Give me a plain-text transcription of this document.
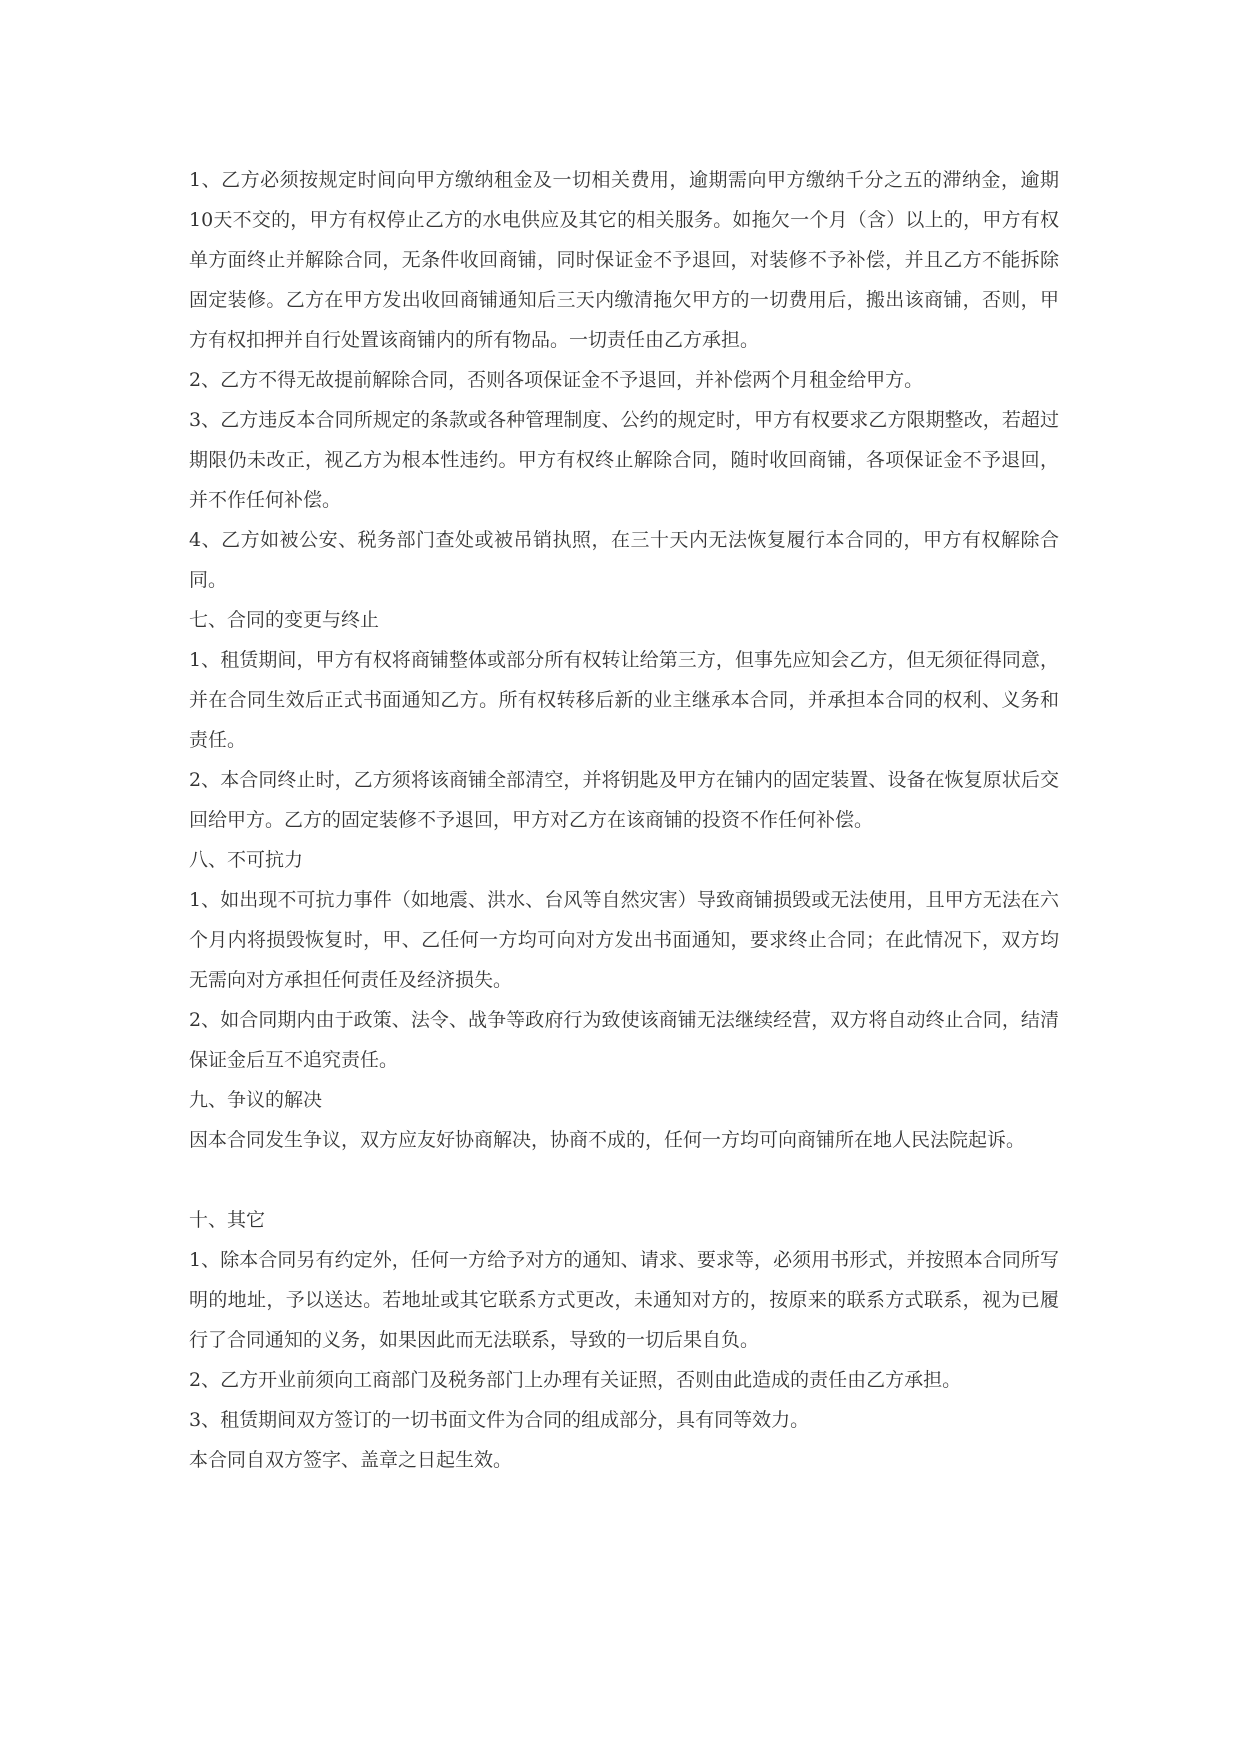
1、乙方必须按规定时间向甲方缴纳租金及一切相关费用，逾期需向甲方缴纳千分之五的滞纳金，逾期10天不交的，甲方有权停止乙方的水电供应及其它的相关服务。如拖欠一个月（含）以上的，甲方有权单方面终止并解除合同，无条件收回商铺，同时保证金不予退回，对装修不予补偿，并且乙方不能拆除固定装修。乙方在甲方发出收回商铺通知后三天内缴清拖欠甲方的一切费用后，搬出该商铺，否则，甲方有权扣押并自行处置该商铺内的所有物品。一切责任由乙方承担。

2、乙方不得无故提前解除合同，否则各项保证金不予退回，并补偿两个月租金给甲方。

3、乙方违反本合同所规定的条款或各种管理制度、公约的规定时，甲方有权要求乙方限期整改，若超过期限仍未改正，视乙方为根本性违约。甲方有权终止解除合同，随时收回商铺，各项保证金不予退回，并不作任何补偿。

4、乙方如被公安、税务部门查处或被吊销执照，在三十天内无法恢复履行本合同的，甲方有权解除合同。

七、合同的变更与终止

1、租赁期间，甲方有权将商铺整体或部分所有权转让给第三方，但事先应知会乙方，但无须征得同意，并在合同生效后正式书面通知乙方。所有权转移后新的业主继承本合同，并承担本合同的权利、义务和责任。

2、本合同终止时，乙方须将该商铺全部清空，并将钥匙及甲方在铺内的固定装置、设备在恢复原状后交回给甲方。乙方的固定装修不予退回，甲方对乙方在该商铺的投资不作任何补偿。

八、不可抗力

1、如出现不可抗力事件（如地震、洪水、台风等自然灾害）导致商铺损毁或无法使用，且甲方无法在六个月内将损毁恢复时，甲、乙任何一方均可向对方发出书面通知，要求终止合同；在此情况下，双方均无需向对方承担任何责任及经济损失。

2、如合同期内由于政策、法令、战争等政府行为致使该商铺无法继续经营，双方将自动终止合同，结清保证金后互不追究责任。

九、争议的解决

因本合同发生争议，双方应友好协商解决，协商不成的，任何一方均可向商铺所在地人民法院起诉。

十、其它

1、除本合同另有约定外，任何一方给予对方的通知、请求、要求等，必须用书形式，并按照本合同所写明的地址，予以送达。若地址或其它联系方式更改，未通知对方的，按原来的联系方式联系，视为已履行了合同通知的义务，如果因此而无法联系，导致的一切后果自负。

2、乙方开业前须向工商部门及税务部门上办理有关证照，否则由此造成的责任由乙方承担。

3、租赁期间双方签订的一切书面文件为合同的组成部分，具有同等效力。

本合同自双方签字、盖章之日起生效。
